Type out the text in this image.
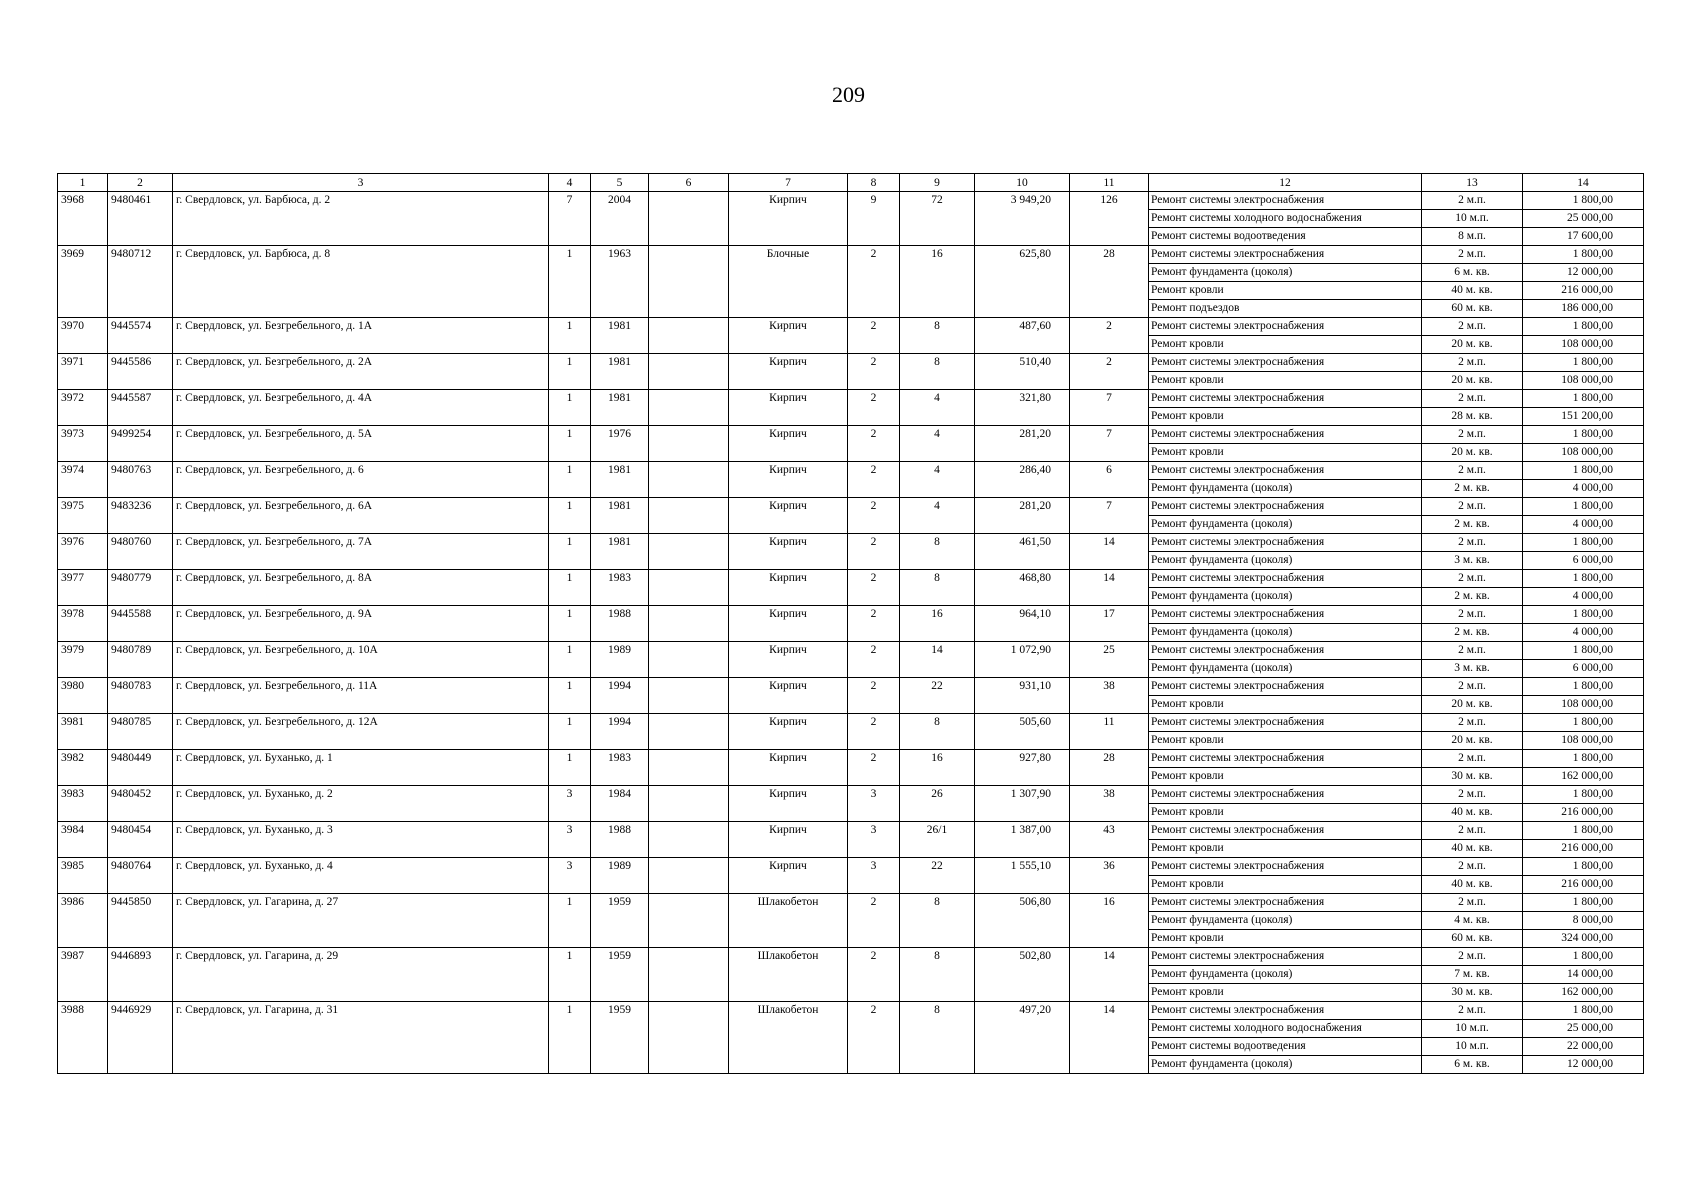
209
1	2	3	4	5	6	7	8	9	10	11	12	13	14
3968	9480461	г. Свердловск, ул. Барбюса, д. 2	7	2004		Кирпич	9	72	3 949,20	126	Ремонт системы электроснабжения	2 м.п.	1 800,00
											Ремонт системы холодного водоснабжения	10 м.п.	25 000,00
											Ремонт системы водоотведения	8 м.п.	17 600,00
3969	9480712	г. Свердловск, ул. Барбюса, д. 8	1	1963		Блочные	2	16	625,80	28	Ремонт системы электроснабжения	2 м.п.	1 800,00
											Ремонт фундамента (цоколя)	6 м. кв.	12 000,00
											Ремонт кровли	40 м. кв.	216 000,00
											Ремонт подъездов	60 м. кв.	186 000,00
3970	9445574	г. Свердловск, ул. Безгребельного, д. 1А	1	1981		Кирпич	2	8	487,60	2	Ремонт системы электроснабжения	2 м.п.	1 800,00
											Ремонт кровли	20 м. кв.	108 000,00
3971	9445586	г. Свердловск, ул. Безгребельного, д. 2А	1	1981		Кирпич	2	8	510,40	2	Ремонт системы электроснабжения	2 м.п.	1 800,00
											Ремонт кровли	20 м. кв.	108 000,00
3972	9445587	г. Свердловск, ул. Безгребельного, д. 4А	1	1981		Кирпич	2	4	321,80	7	Ремонт системы электроснабжения	2 м.п.	1 800,00
											Ремонт кровли	28 м. кв.	151 200,00
3973	9499254	г. Свердловск, ул. Безгребельного, д. 5А	1	1976		Кирпич	2	4	281,20	7	Ремонт системы электроснабжения	2 м.п.	1 800,00
											Ремонт кровли	20 м. кв.	108 000,00
3974	9480763	г. Свердловск, ул. Безгребельного, д. 6	1	1981		Кирпич	2	4	286,40	6	Ремонт системы электроснабжения	2 м.п.	1 800,00
											Ремонт фундамента (цоколя)	2 м. кв.	4 000,00
3975	9483236	г. Свердловск, ул. Безгребельного, д. 6А	1	1981		Кирпич	2	4	281,20	7	Ремонт системы электроснабжения	2 м.п.	1 800,00
											Ремонт фундамента (цоколя)	2 м. кв.	4 000,00
3976	9480760	г. Свердловск, ул. Безгребельного, д. 7А	1	1981		Кирпич	2	8	461,50	14	Ремонт системы электроснабжения	2 м.п.	1 800,00
											Ремонт фундамента (цоколя)	3 м. кв.	6 000,00
3977	9480779	г. Свердловск, ул. Безгребельного, д. 8А	1	1983		Кирпич	2	8	468,80	14	Ремонт системы электроснабжения	2 м.п.	1 800,00
											Ремонт фундамента (цоколя)	2 м. кв.	4 000,00
3978	9445588	г. Свердловск, ул. Безгребельного, д. 9А	1	1988		Кирпич	2	16	964,10	17	Ремонт системы электроснабжения	2 м.п.	1 800,00
											Ремонт фундамента (цоколя)	2 м. кв.	4 000,00
3979	9480789	г. Свердловск, ул. Безгребельного, д. 10А	1	1989		Кирпич	2	14	1 072,90	25	Ремонт системы электроснабжения	2 м.п.	1 800,00
											Ремонт фундамента (цоколя)	3 м. кв.	6 000,00
3980	9480783	г. Свердловск, ул. Безгребельного, д. 11А	1	1994		Кирпич	2	22	931,10	38	Ремонт системы электроснабжения	2 м.п.	1 800,00
											Ремонт кровли	20 м. кв.	108 000,00
3981	9480785	г. Свердловск, ул. Безгребельного, д. 12А	1	1994		Кирпич	2	8	505,60	11	Ремонт системы электроснабжения	2 м.п.	1 800,00
											Ремонт кровли	20 м. кв.	108 000,00
3982	9480449	г. Свердловск, ул. Буханько, д. 1	1	1983		Кирпич	2	16	927,80	28	Ремонт системы электроснабжения	2 м.п.	1 800,00
											Ремонт кровли	30 м. кв.	162 000,00
3983	9480452	г. Свердловск, ул. Буханько, д. 2	3	1984		Кирпич	3	26	1 307,90	38	Ремонт системы электроснабжения	2 м.п.	1 800,00
											Ремонт кровли	40 м. кв.	216 000,00
3984	9480454	г. Свердловск, ул. Буханько, д. 3	3	1988		Кирпич	3	26/1	1 387,00	43	Ремонт системы электроснабжения	2 м.п.	1 800,00
											Ремонт кровли	40 м. кв.	216 000,00
3985	9480764	г. Свердловск, ул. Буханько, д. 4	3	1989		Кирпич	3	22	1 555,10	36	Ремонт системы электроснабжения	2 м.п.	1 800,00
											Ремонт кровли	40 м. кв.	216 000,00
3986	9445850	г. Свердловск, ул. Гагарина, д. 27	1	1959		Шлакобетон	2	8	506,80	16	Ремонт системы электроснабжения	2 м.п.	1 800,00
											Ремонт фундамента (цоколя)	4 м. кв.	8 000,00
											Ремонт кровли	60 м. кв.	324 000,00
3987	9446893	г. Свердловск, ул. Гагарина, д. 29	1	1959		Шлакобетон	2	8	502,80	14	Ремонт системы электроснабжения	2 м.п.	1 800,00
											Ремонт фундамента (цоколя)	7 м. кв.	14 000,00
											Ремонт кровли	30 м. кв.	162 000,00
3988	9446929	г. Свердловск, ул. Гагарина, д. 31	1	1959		Шлакобетон	2	8	497,20	14	Ремонт системы электроснабжения	2 м.п.	1 800,00
											Ремонт системы холодного водоснабжения	10 м.п.	25 000,00
											Ремонт системы водоотведения	10 м.п.	22 000,00
											Ремонт фундамента (цоколя)	6 м. кв.	12 000,00
